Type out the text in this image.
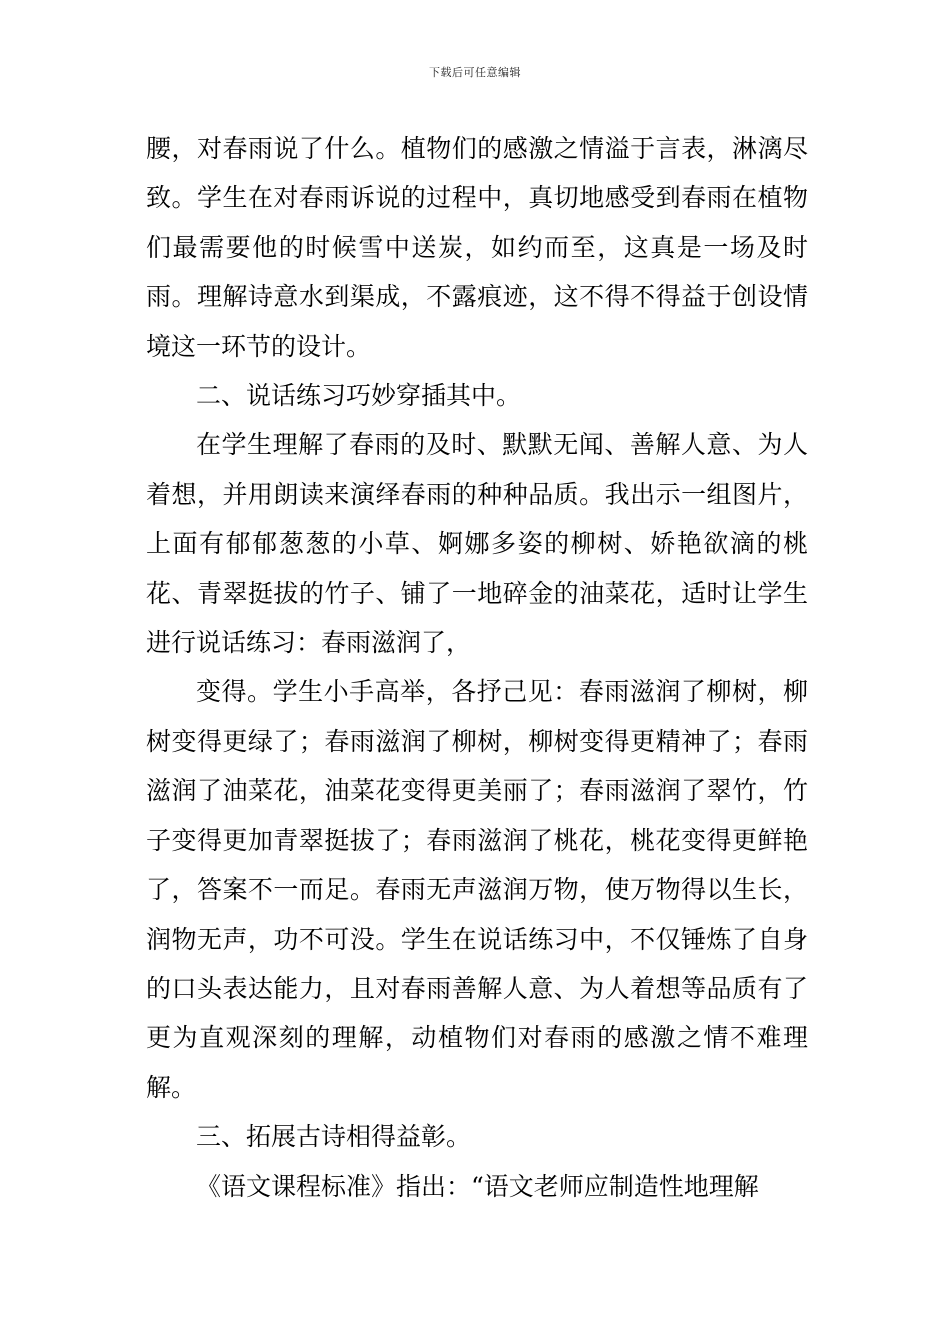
下载后可任意编辑

腰，对春雨说了什么。植物们的感激之情溢于言表，淋漓尽致。学生在对春雨诉说的过程中，真切地感受到春雨在植物们最需要他的时候雪中送炭，如约而至，这真是一场及时雨。理解诗意水到渠成，不露痕迹，这不得不得益于创设情境这一环节的设计。

二、说话练习巧妙穿插其中。

在学生理解了春雨的及时、默默无闻、善解人意、为人着想，并用朗读来演绎春雨的种种品质。我出示一组图片，上面有郁郁葱葱的小草、婀娜多姿的柳树、娇艳欲滴的桃花、青翠挺拔的竹子、铺了一地碎金的油菜花，适时让学生进行说话练习：春雨滋润了，

变得。学生小手高举，各抒己见：春雨滋润了柳树，柳树变得更绿了；春雨滋润了柳树，柳树变得更精神了；春雨滋润了油菜花，油菜花变得更美丽了；春雨滋润了翠竹，竹子变得更加青翠挺拔了；春雨滋润了桃花，桃花变得更鲜艳了，答案不一而足。春雨无声滋润万物，使万物得以生长，润物无声，功不可没。学生在说话练习中，不仅锤炼了自身的口头表达能力，且对春雨善解人意、为人着想等品质有了更为直观深刻的理解，动植物们对春雨的感激之情不难理解。

三、拓展古诗相得益彰。

《语文课程标准》指出：“语文老师应制造性地理解
